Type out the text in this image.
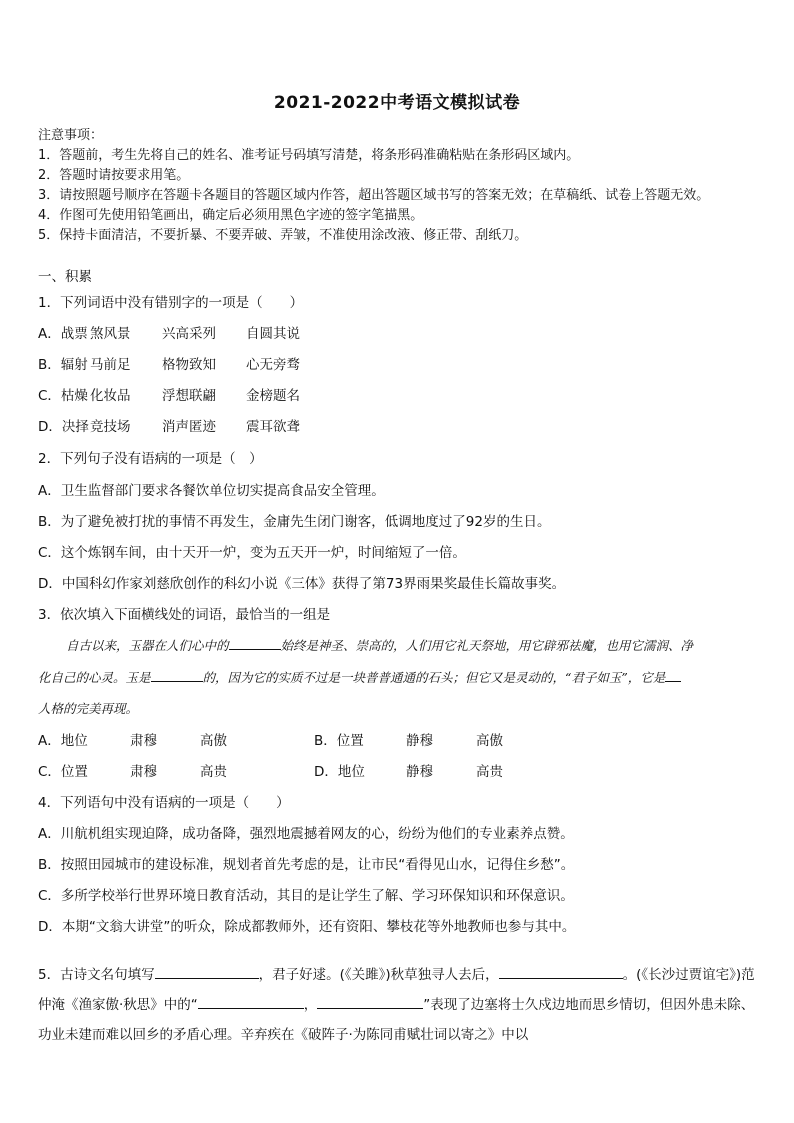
2021-2022中考语文模拟试卷
注意事项：
1．答题前，考生先将自己的姓名、准考证号码填写清楚，将条形码准确粘贴在条形码区域内。
2．答题时请按要求用笔。
3．请按照题号顺序在答题卡各题目的答题区域内作答，超出答题区域书写的答案无效；在草稿纸、试卷上答题无效。
4．作图可先使用铅笔画出，确定后必须用黑色字迹的签字笔描黑。
5．保持卡面清洁，不要折暴、不要弄破、弄皱，不准使用涂改液、修正带、刮纸刀。
一、积累
1．下列词语中没有错别字的一项是（　　）
A．战票 煞风景 兴高采列 自圆其说
B．辐射 马前足 格物致知 心无旁骛
C．枯燥 化妆品 浮想联翩 金榜题名
D．决择竞技场 消声匿迹 震耳欲聋
2．下列句子没有语病的一项是（　）
A．卫生监督部门要求各餐饮单位切实提高食品安全管理。
B．为了避免被打扰的事情不再发生，金庸先生闭门谢客，低调地度过了92岁的生日。
C．这个炼钢车间，由十天开一炉，变为五天开一炉，时间缩短了一倍。
D．中国科幻作家刘慈欣创作的科幻小说《三体》获得了第73界雨果奖最佳长篇故事奖。
3．依次填入下面横线处的词语，最恰当的一组是
自古以来，玉器在人们心中的	始终是神圣、崇高的，人们用它礼天祭地，用它辟邪祛魔，也用它濡润、净
化自己的心灵。玉是	的，因为它的实质不过是一块普普通通的石头；但它又是灵动的，“君子如玉”，它是
人格的完美再现。
A．地位	肃穆	高傲	B．位置	静穆	高傲
C．位置	肃穆	高贵	D．地位	静穆	高贵
4．下列语句中没有语病的一项是（　　）
A．川航机组实现迫降，成功备降，强烈地震撼着网友的心，纷纷为他们的专业素养点赞。
B．按照田园城市的建设标准，规划者首先考虑的是，让市民“看得见山水，记得住乡愁”。
C．多所学校举行世界环境日教育活动，其目的是让学生了解、学习环保知识和环保意识。
D．本期“文翁大讲堂”的听众，除成都教师外，还有资阳、攀枝花等外地教师也参与其中。
5．古诗文名句填写	，君子好逑。(《关雎》)秋草独寻人去后，	。(《长沙过贾谊宅》)范仲淹《渔家傲·秋思》中的“	，	”表现了边塞将士久戍边地而思乡情切，但因外患未除、功业未建而难以回乡的矛盾心理。辛弃疾在《破阵子·为陈同甫赋壮词以寄之》中以
